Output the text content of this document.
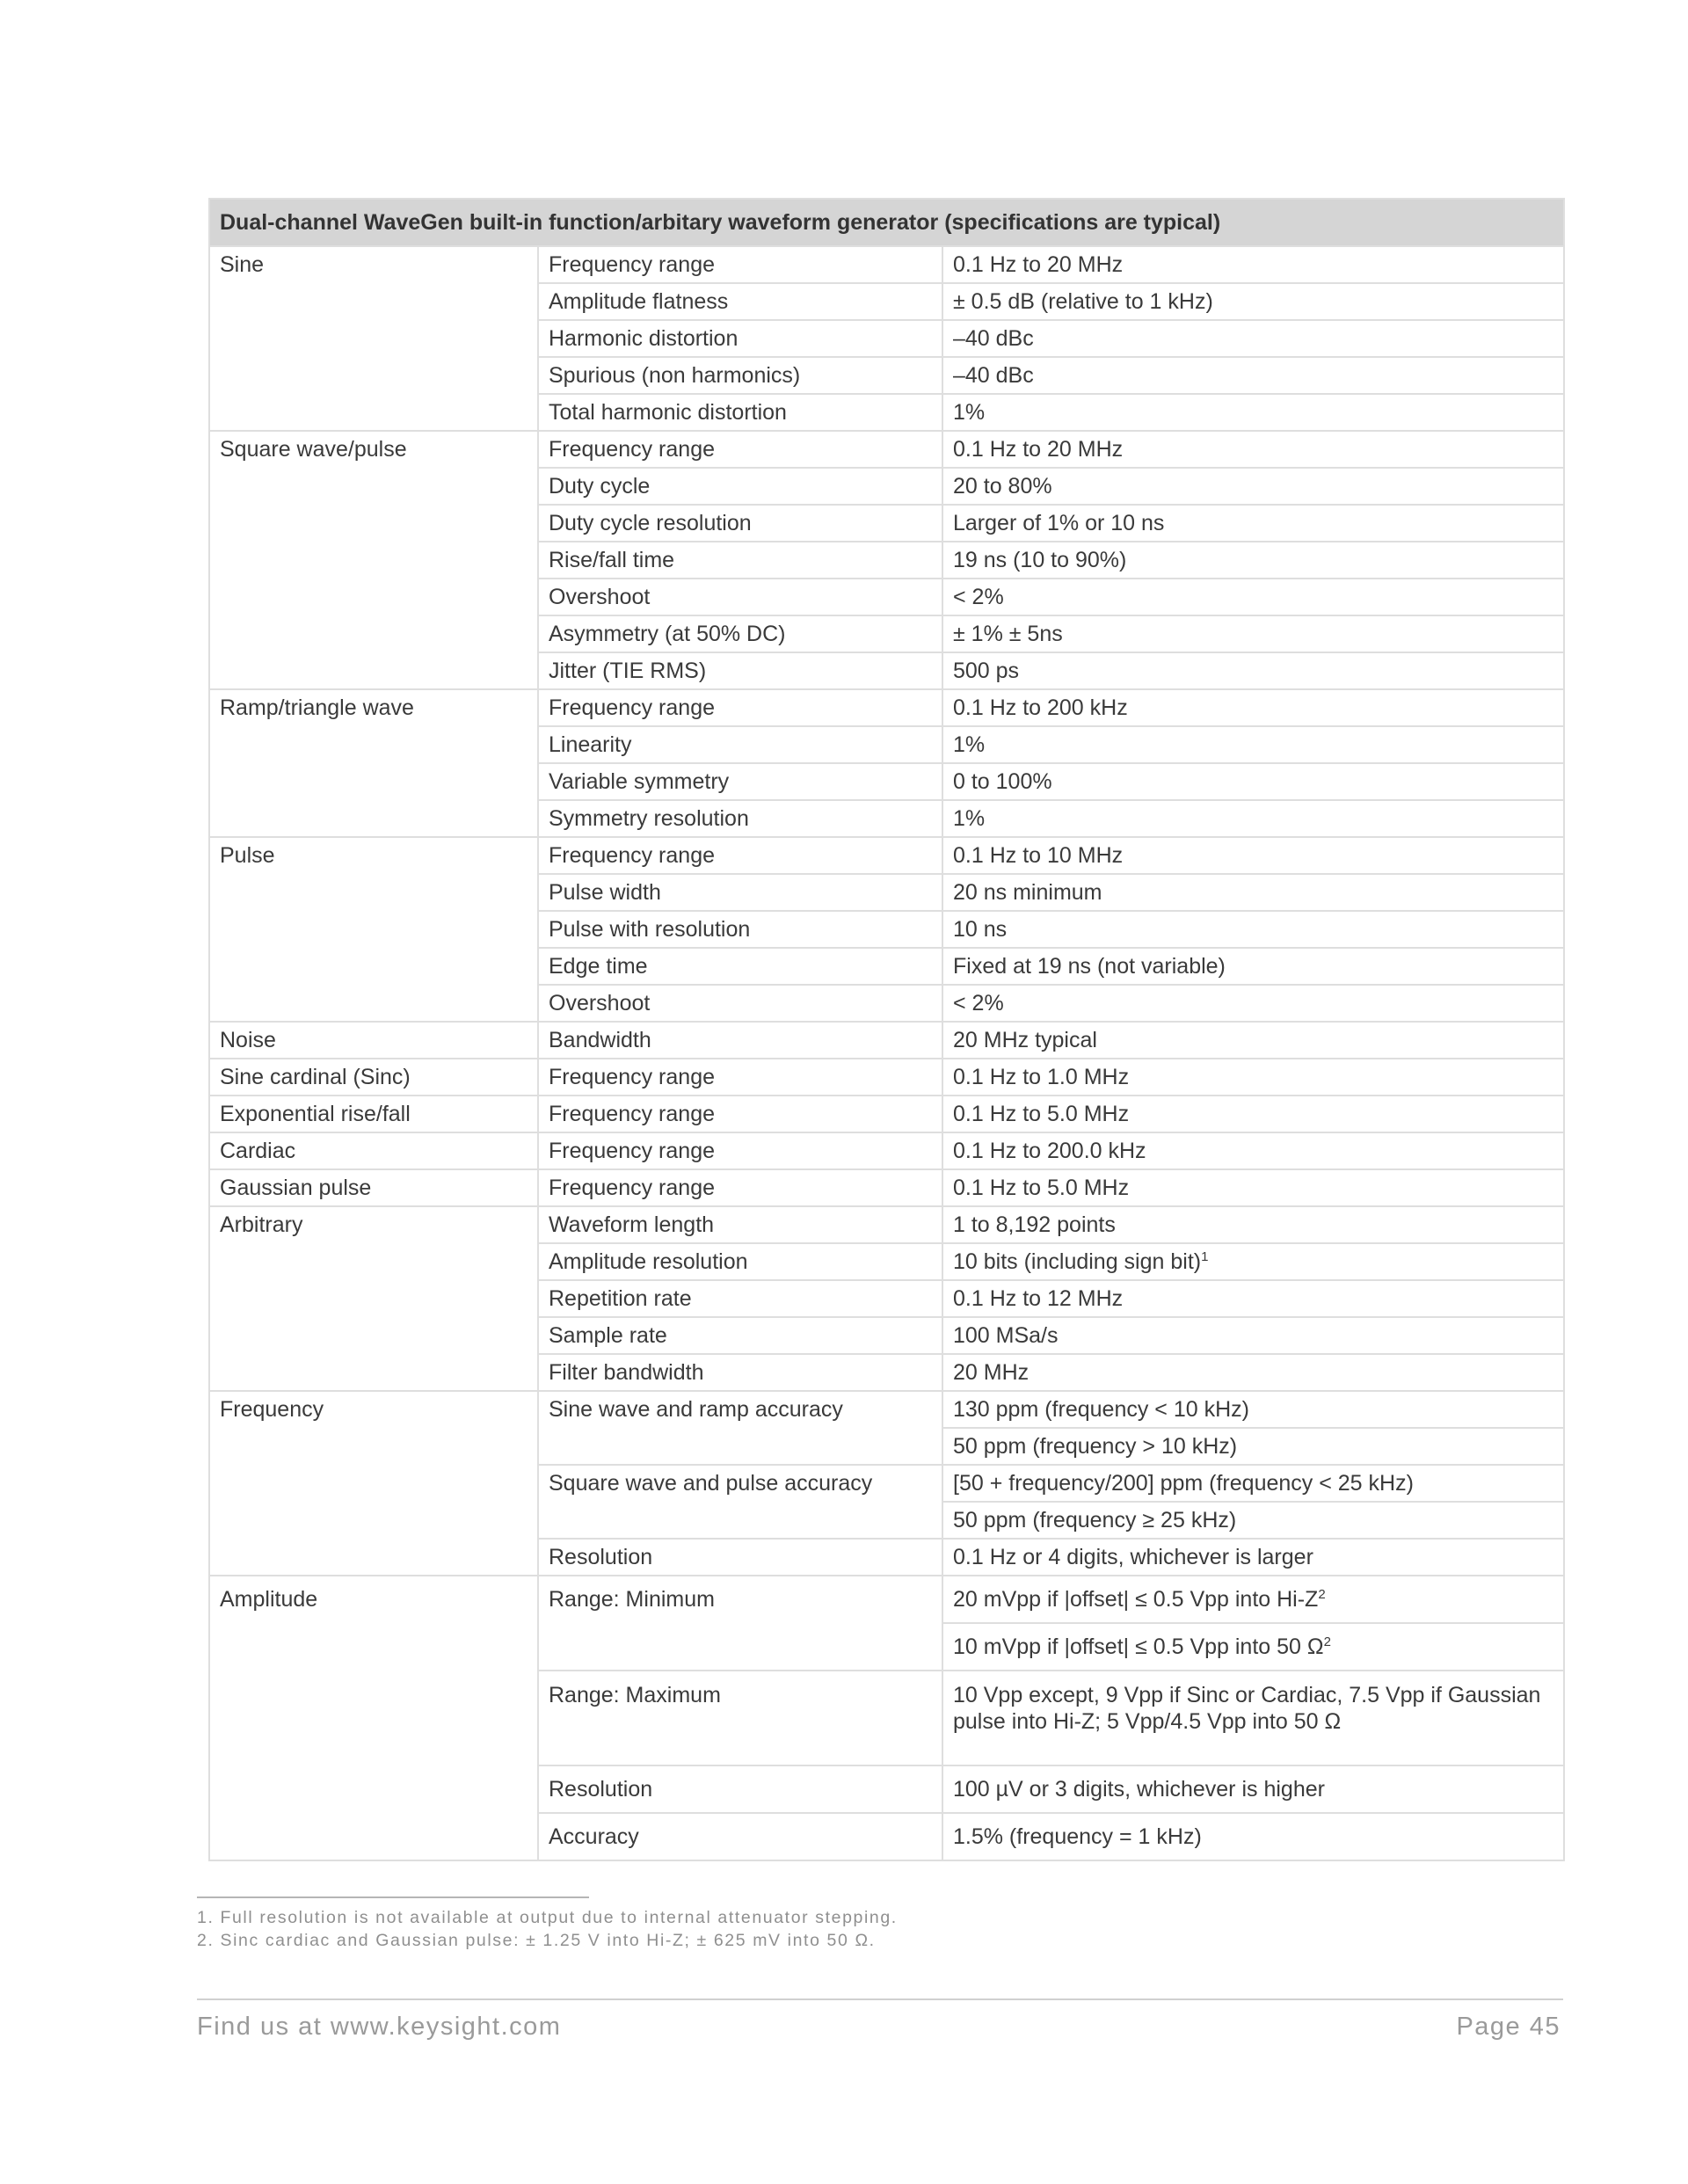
Dual-channel WaveGen built-in function/arbitary waveform generator (specifications are typical)		
Sine	Frequency range	0.1 Hz to 20 MHz
	Amplitude flatness	± 0.5 dB (relative to 1 kHz)
	Harmonic distortion	–40 dBc
	Spurious (non harmonics)	–40 dBc
	Total harmonic distortion	1%
Square wave/pulse	Frequency range	0.1 Hz to 20 MHz
	Duty cycle	20 to 80%
	Duty cycle resolution	Larger of 1% or 10 ns
	Rise/fall time	19 ns (10 to 90%)
	Overshoot	< 2%
	Asymmetry (at 50% DC)	± 1% ± 5ns
	Jitter (TIE RMS)	500 ps
Ramp/triangle wave	Frequency range	0.1 Hz to 200 kHz
	Linearity	1%
	Variable symmetry	0 to 100%
	Symmetry resolution	1%
Pulse	Frequency range	0.1 Hz to 10 MHz
	Pulse width	20 ns minimum
	Pulse with resolution	10 ns
	Edge time	Fixed at 19 ns (not variable)
	Overshoot	< 2%
Noise	Bandwidth	20 MHz typical
Sine cardinal (Sinc)	Frequency range	0.1 Hz to 1.0 MHz
Exponential rise/fall	Frequency range	0.1 Hz to 5.0 MHz
Cardiac	Frequency range	0.1 Hz to 200.0 kHz
Gaussian pulse	Frequency range	0.1 Hz to 5.0 MHz
Arbitrary	Waveform length	1 to 8,192 points
	Amplitude resolution	10 bits (including sign bit)$^1$
	Repetition rate	0.1 Hz to 12 MHz
	Sample rate	100 MSa/s
	Filter bandwidth	20 MHz
Frequency	Sine wave and ramp accuracy	130 ppm (frequency < 10 kHz)
		50 ppm (frequency > 10 kHz)
	Square wave and pulse accuracy	[50 + frequency/200] ppm (frequency < 25 kHz)
		50 ppm (frequency ≥ 25 kHz)
	Resolution	0.1 Hz or 4 digits, whichever is larger
Amplitude	Range: Minimum	20 mVpp if |offset| ≤ 0.5 Vpp into $Hi-Z^2$
		10 mVpp if |offset| ≤ 0.5 Vpp into 50 $\Omega^2$
	Range: Maximum	10 Vpp except, 9 Vpp if Sinc or Cardiac, 7.5 Vpp if Gaussian pulse into Hi-Z; 5 Vpp/4.5 Vpp into 50 Ω
	Resolution	100 µV or 3 digits, whichever is higher
	Accuracy	1.5% (frequency = 1 kHz)
1. Full resolution is not available at output due to internal attenuator stepping.
2. Sinc cardiac and Gaussian pulse: ± 1.25 V into Hi-Z; ± 625 mV into 50 Ω.
Find us at www.keysight.com	Page 45
